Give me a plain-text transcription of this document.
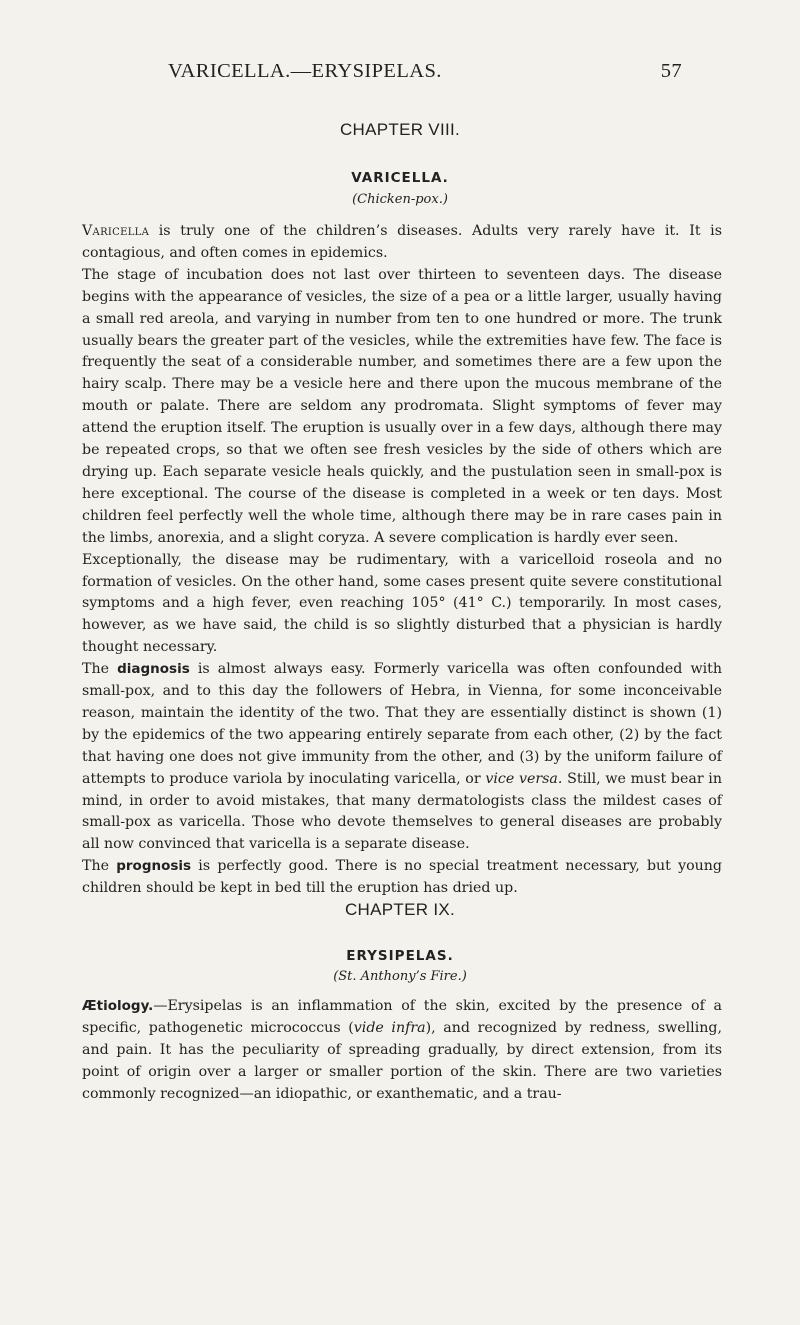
VARICELLA.—ERYSIPELAS.	57
CHAPTER VIII.
VARICELLA.
(Chicken-pox.)

Varicella is truly one of the children’s diseases. Adults very rarely have it. It is contagious, and often comes in epidemics.

The stage of incubation does not last over thirteen to seventeen days. The disease begins with the appearance of vesicles, the size of a pea or a little larger, usually having a small red areola, and varying in number from ten to one hundred or more. The trunk usually bears the greater part of the vesicles, while the extremities have few. The face is frequently the seat of a considerable number, and sometimes there are a few upon the hairy scalp. There may be a vesicle here and there upon the mucous membrane of the mouth or palate. There are seldom any prodromata. Slight symptoms of fever may attend the eruption itself. The eruption is usually over in a few days, although there may be repeated crops, so that we often see fresh vesicles by the side of others which are drying up. Each separate vesicle heals quickly, and the pustulation seen in small-pox is here exceptional. The course of the disease is completed in a week or ten days. Most children feel perfectly well the whole time, although there may be in rare cases pain in the limbs, anorexia, and a slight coryza. A severe complication is hardly ever seen.

Exceptionally, the disease may be rudimentary, with a varicelloid roseola and no formation of vesicles. On the other hand, some cases present quite severe constitutional symptoms and a high fever, even reaching 105° (41° C.) temporarily. In most cases, however, as we have said, the child is so slightly disturbed that a physician is hardly thought necessary.

The diagnosis is almost always easy. Formerly varicella was often confounded with small-pox, and to this day the followers of Hebra, in Vienna, for some inconceivable reason, maintain the identity of the two. That they are essentially distinct is shown (1) by the epidemics of the two appearing entirely separate from each other, (2) by the fact that having one does not give immunity from the other, and (3) by the uniform failure of attempts to produce variola by inoculating varicella, or vice versa. Still, we must bear in mind, in order to avoid mistakes, that many dermatologists class the mildest cases of small-pox as varicella. Those who devote themselves to general diseases are probably all now convinced that varicella is a separate disease.

The prognosis is perfectly good. There is no special treatment necessary, but young children should be kept in bed till the eruption has dried up.

CHAPTER IX.
ERYSIPELAS.
(St. Anthony’s Fire.)

Ætiology.—Erysipelas is an inflammation of the skin, excited by the presence of a specific, pathogenetic micrococcus (vide infra), and recognized by redness, swelling, and pain. It has the peculiarity of spreading gradually, by direct extension, from its point of origin over a larger or smaller portion of the skin. There are two varieties commonly recognized—an idiopathic, or exanthematic, and a trau-
